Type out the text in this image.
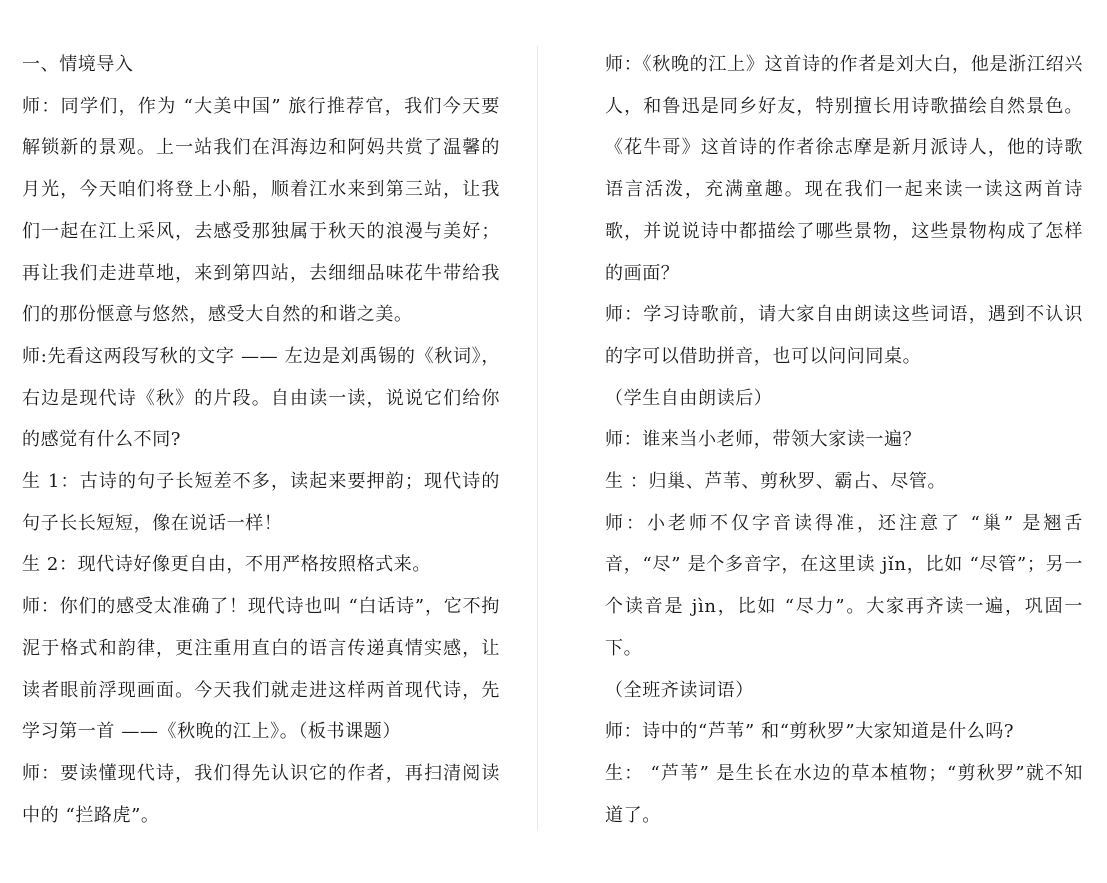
一、情境导入

师：同学们，作为 “大美中国” 旅行推荐官，我们今天要解锁新的景观。上一站我们在洱海边和阿妈共赏了温馨的月光，今天咱们将登上小船，顺着江水来到第三站，让我们一起在江上采风，去感受那独属于秋天的浪漫与美好；再让我们走进草地，来到第四站，去细细品味花牛带给我们的那份惬意与悠然，感受大自然的和谐之美。

师:先看这两段写秋的文字 —— 左边是刘禹锡的《秋词》，右边是现代诗《秋》的片段。自由读一读，说说它们给你的感觉有什么不同?

生 1：古诗的句子长短差不多，读起来要押韵；现代诗的句子长长短短，像在说话一样！

生 2：现代诗好像更自由，不用严格按照格式来。

师：你们的感受太准确了！现代诗也叫 “白话诗”，它不拘泥于格式和韵律，更注重用直白的语言传递真情实感，让读者眼前浮现画面。今天我们就走进这样两首现代诗，先学习第一首 ——《秋晚的江上》。（板书课题）

师：要读懂现代诗，我们得先认识它的作者，再扫清阅读中的 “拦路虎”。

师：《秋晚的江上》这首诗的作者是刘大白，他是浙江绍兴人，和鲁迅是同乡好友，特别擅长用诗歌描绘自然景色。《花牛哥》这首诗的作者徐志摩是新月派诗人，他的诗歌语言活泼，充满童趣。现在我们一起来读一读这两首诗歌，并说说诗中都描绘了哪些景物，这些景物构成了怎样的画面？

师：学习诗歌前，请大家自由朗读这些词语，遇到不认识的字可以借助拼音，也可以问问同桌。

（学生自由朗读后）

师：谁来当小老师，带领大家读一遍？

生 ：归巢、芦苇、剪秋罗、霸占、尽管。

师：小老师不仅字音读得准，还注意了 “巢” 是翘舌音，“尽” 是个多音字，在这里读 jǐn，比如 “尽管”；另一个读音是 jìn，比如 “尽力”。大家再齐读一遍，巩固一下。

（全班齐读词语）

师：诗中的“芦苇” 和“剪秋罗”大家知道是什么吗?

生： “芦苇” 是生长在水边的草本植物；“剪秋罗”就不知道了。
